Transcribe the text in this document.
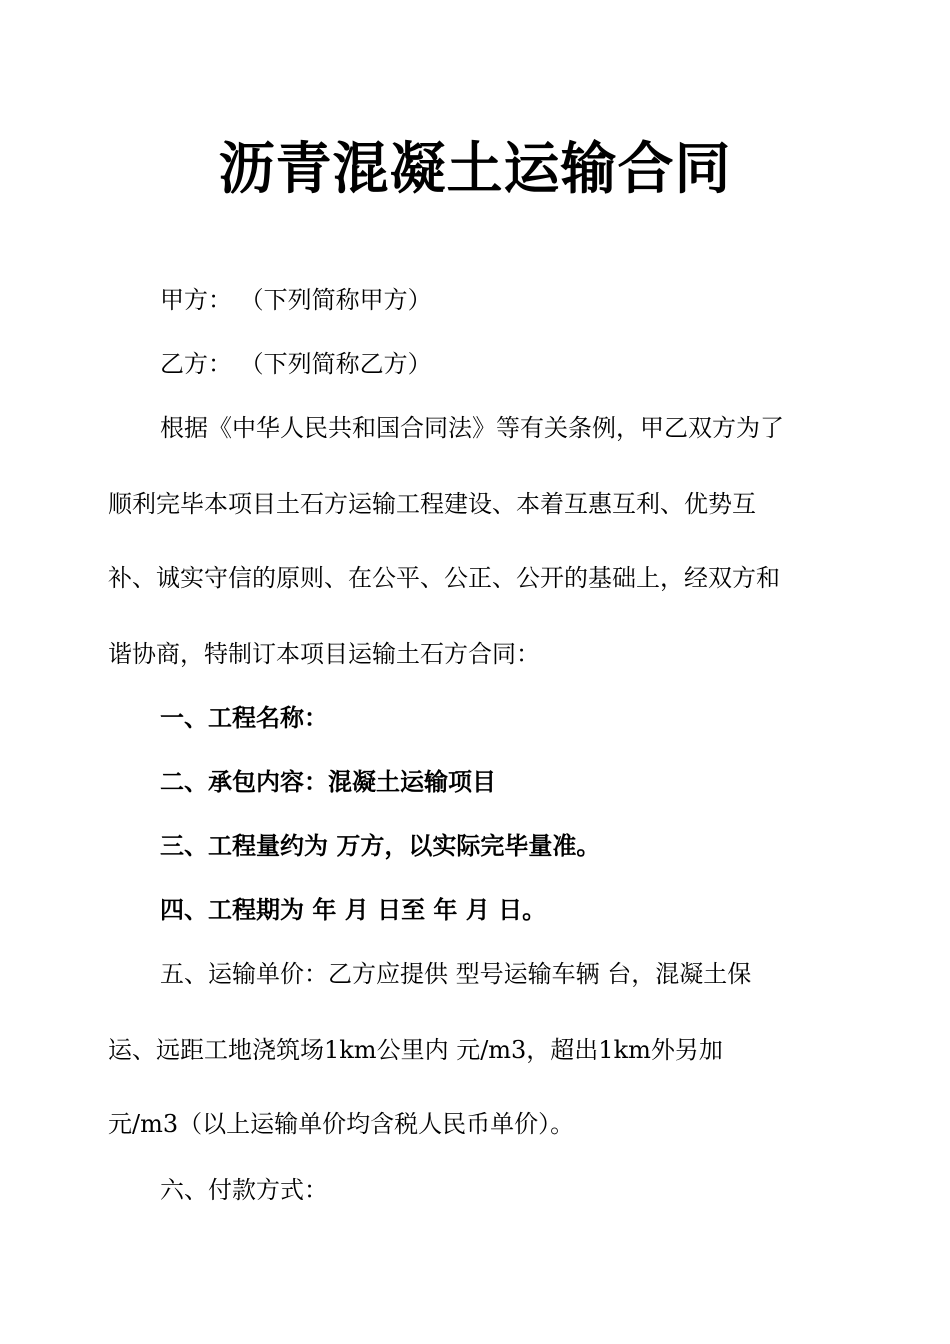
沥青混凝土运输合同
甲方： （下列简称甲方）
乙方： （下列简称乙方）
根据《中华人民共和国合同法》等有关条例，甲乙双方为了
顺利完毕本项目土石方运输工程建设、本着互惠互利、优势互
补、诚实守信的原则、在公平、公正、公开的基础上，经双方和
谐协商，特制订本项目运输土石方合同：
一、工程名称：
二、承包内容：混凝土运输项目
三、工程量约为 万方，以实际完毕量准。
四、工程期为 年 月 日至 年 月 日。
五、运输单价：乙方应提供 型号运输车辆 台，混凝土保
运、远距工地浇筑场1km公里内 元/m3，超出1km外另加
元/m3（以上运输单价均含税人民币单价）。
六、付款方式：
